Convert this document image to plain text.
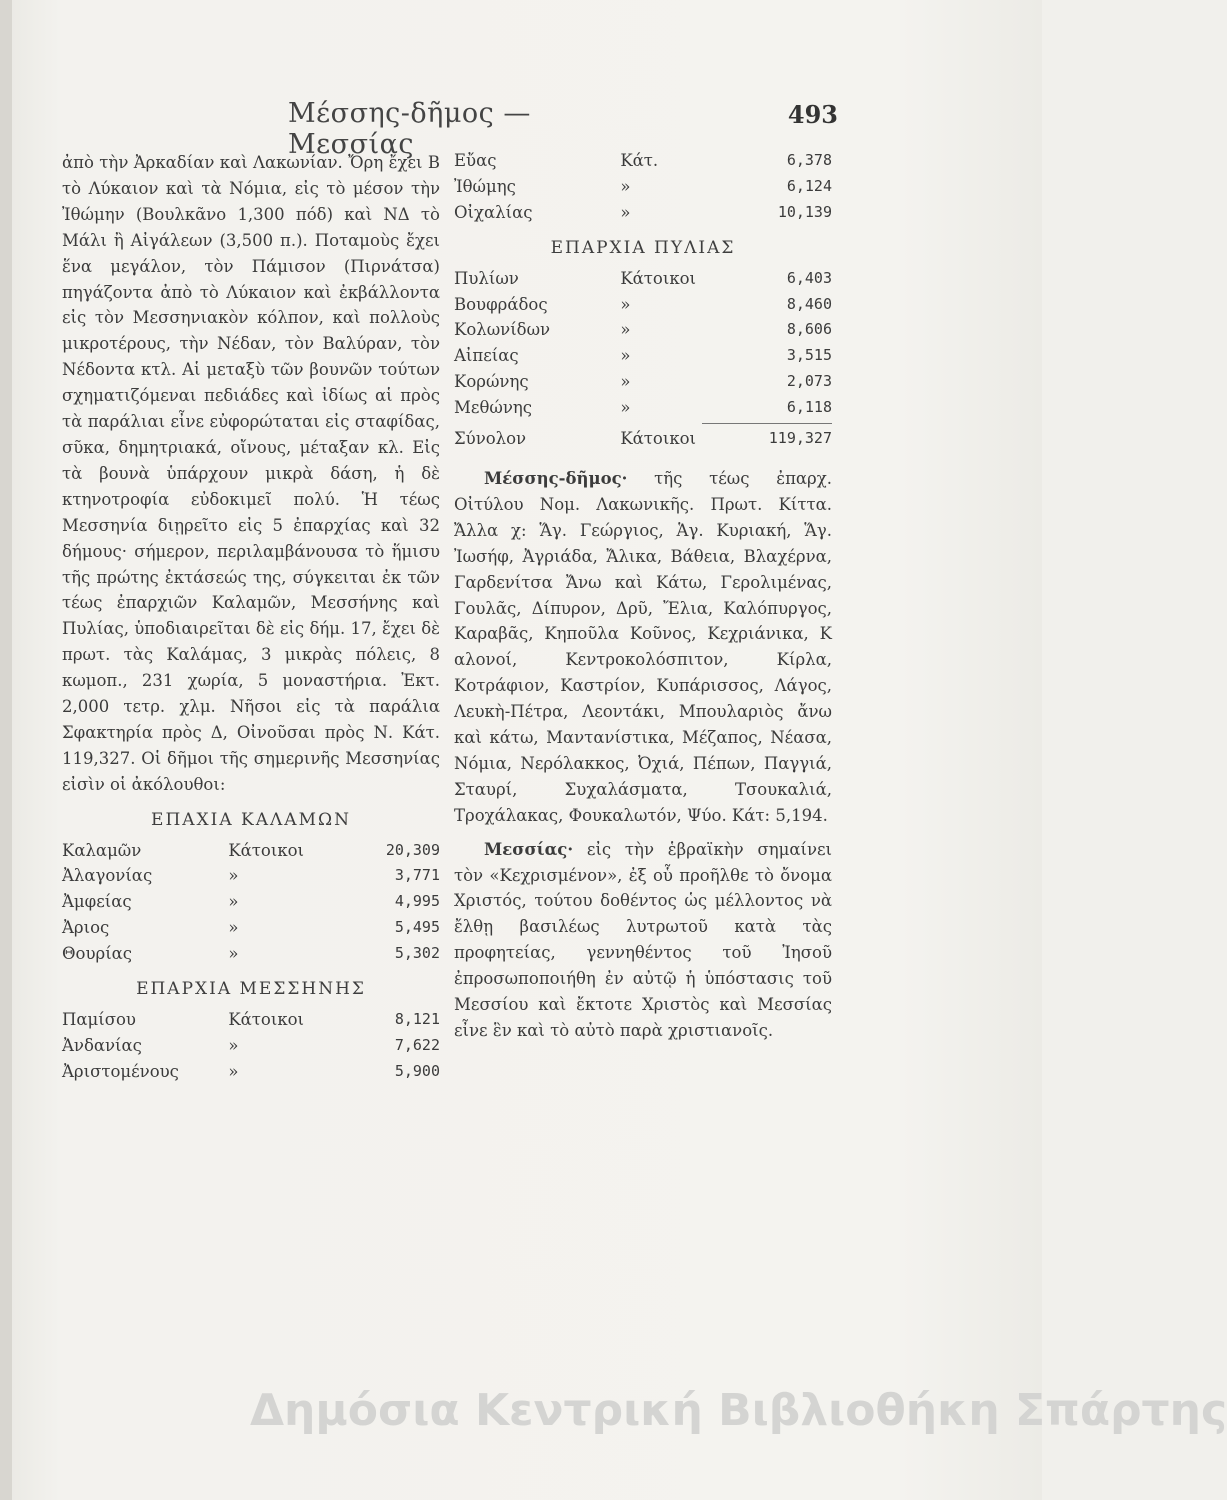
Μέσσης-δῆμος — Μεσσίας
493

ἀπὸ τὴν Ἀρκαδίαν καὶ Λακωνίαν. Ὄρη ἔχει Β τὸ Λύκαιον καὶ τὰ Νόμια, εἰς τὸ μέσον τὴν Ἰθώμην (Βουλκᾶνο 1,300 πόδ) καὶ ΝΔ τὸ Μάλι ἢ Αἰγάλεων (3,500 π.). Ποταμοὺς ἔχει ἕνα μεγάλον, τὸν Πάμισον (Πιρνάτσα) πηγάζοντα ἀπὸ τὸ Λύκαιον καὶ ἐκβάλλοντα εἰς τὸν Μεσσηνιακὸν κόλπον, καὶ πολλοὺς μικροτέρους, τὴν Νέδαν, τὸν Βαλύραν, τὸν Νέδοντα κτλ. Αἱ μεταξὺ τῶν βουνῶν τούτων σχηματιζόμεναι πεδιάδες καὶ ἰδίως αἱ πρὸς τὰ παράλιαι εἶνε εὐφορώταται εἰς σταφίδας, σῦκα, δημητριακά, οἴνους, μέταξαν κλ. Εἰς τὰ βουνὰ ὑπάρχουν μικρὰ δάση, ἡ δὲ κτηνοτροφία εὐδοκιμεῖ πολύ. Ἡ τέως Μεσσηνία διῃρεῖτο εἰς 5 ἐπαρχίας καὶ 32 δήμους· σήμερον, περιλαμβάνουσα τὸ ἥμισυ τῆς πρώτης ἐκτάσεώς της, σύγκειται ἐκ τῶν τέως ἐπαρχιῶν Καλαμῶν, Μεσσήνης καὶ Πυλίας, ὑποδιαιρεῖται δὲ εἰς δήμ. 17, ἔχει δὲ πρωτ. τὰς Καλάμας, 3 μικρὰς πόλεις, 8 κωμοπ., 231 χωρία, 5 μοναστήρια. Ἐκτ. 2,000 τετρ. χλμ. Νῆσοι εἰς τὰ παράλια Σφακτηρία πρὸς Δ, Οἰνοῦσαι πρὸς Ν. Κάτ. 119,327. Οἱ δῆμοι τῆς σημερινῆς Μεσσηνίας εἰσὶν οἱ ἀκόλουθοι:

ΕΠΑΧΙΑ ΚΑΛΑΜΩΝ
Καλαμῶν	Κάτοικοι	20,309
Ἀλαγονίας	»	3,771
Ἀμφείας	»	4,995
Ἀριος	»	5,495
Θουρίας	»	5,302
ΕΠΑΡΧΙΑ ΜΕΣΣΗΝΗΣ
Παμίσου	Κάτοικοι	8,121
Ἀνδανίας	»	7,622
Ἀριστομένους	»	5,900
Εὔας	Κάτ.	6,378
Ἰθώμης	»	6,124
Οἰχαλίας	»	10,139
ΕΠΑΡΧΙΑ ΠΥΛΙΑΣ
Πυλίων	Κάτοικοι	6,403
Βουφράδος	»	8,460
Κολωνίδων	»	8,606
Αἰπείας	»	3,515
Κορώνης	»	2,073
Μεθώνης	»	6,118
Σύνολον	Κάτοικοι	119,327

Μέσσης-δῆμος· τῆς τέως ἐπαρχ. Οἰτύλου Νομ. Λακωνικῆς. Πρωτ. Κίττα. Ἄλλα χ: Ἅγ. Γεώργιος, Ἁγ. Κυριακή, Ἅγ. Ἰωσήφ, Ἀγριάδα, Ἄλικα, Βάθεια, Βλαχέρνα, Γαρδενίτσα Ἄνω καὶ Κάτω, Γερολιμένας, Γουλᾶς, Δίπυρον, Δρῦ, Ἔλια, Καλόπυργος, Καραβᾶς, Κηποῦλα Κοῦνος, Κεχριάνικα, Κ αλονοί, Κεντροκολόσπιτον, Κίρλα, Κοτράφιον, Καστρίον, Κυπάρισσος, Λάγος, Λευκὴ-Πέτρα, Λεοντάκι, Μπουλαριὸς ἄνω καὶ κάτω, Μαντανίστικα, Μέζαπος, Νέασα, Νόμια, Νερόλακκος, Ὀχιά, Πέπων, Παγγιά, Σταυρί, Συχαλάσματα, Τσουκαλιά, Τροχάλακας, Φουκαλωτόν, Ψύο. Κάτ: 5,194.

Μεσσίας· εἰς τὴν ἑβραϊκὴν σημαίνει τὸν «Κεχρισμένον», ἐξ οὗ προῆλθε τὸ ὄνομα Χριστός, τούτου δοθέντος ὡς μέλλοντος νὰ ἔλθῃ βασιλέως λυτρωτοῦ κατὰ τὰς προφητείας, γεννηθέντος τοῦ Ἰησοῦ ἐπροσωποποιήθη ἐν αὐτῷ ἡ ὑπόστασις τοῦ Μεσσίου καὶ ἔκτοτε Χριστὸς καὶ Μεσσίας εἶνε ἓν καὶ τὸ αὐτὸ παρὰ χριστιανοῖς.

Δημόσια Κεντρική Βιβλιοθήκη Σπάρτης
